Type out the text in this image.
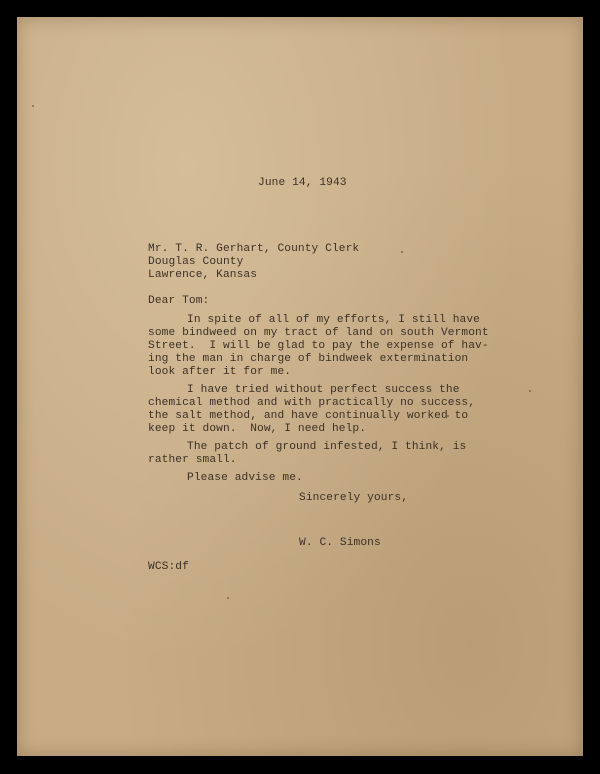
June 14, 1943

Mr. T. R. Gerhart, County Clerk

Douglas County

Lawrence, Kansas

Dear Tom:

In spite of all of my efforts, I still have

some bindweed on my tract of land on south Vermont

Street.  I will be glad to pay the expense of hav-

ing the man in charge of bindweek extermination

look after it for me.

I have tried without perfect success the

chemical method and with practically no success,

the salt method, and have continually worked to

keep it down.  Now, I need help.

The patch of ground infested, I think, is

rather small.

Please advise me.

Sincerely yours,

W. C. Simons

WCS:df
